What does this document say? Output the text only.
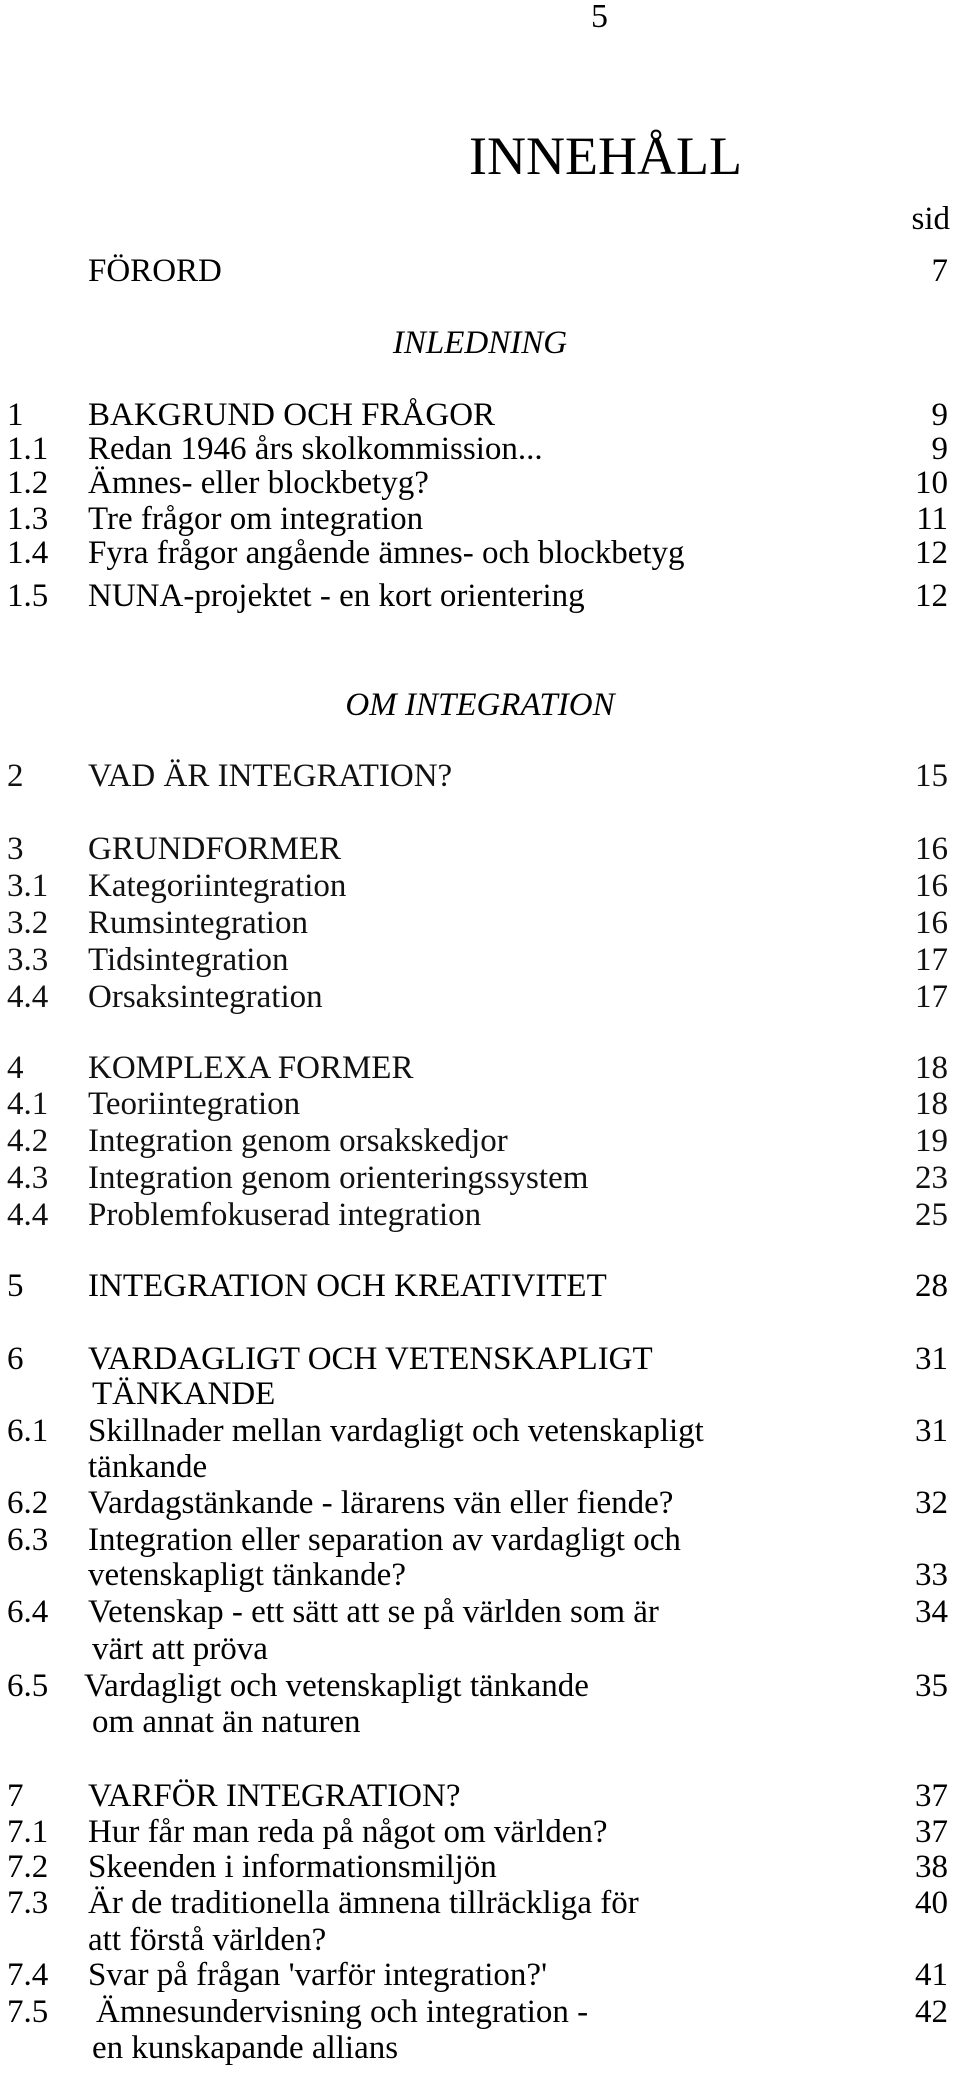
5
INNEHÅLL
sid
FÖRORD	7
INLEDNING
1 BAKGRUND OCH FRÅGOR	9
1.1 Redan 1946 års skolkommission...	9
1.2 Ämnes- eller blockbetyg?	10
1.3 Tre frågor om integration	11
1.4 Fyra frågor angående ämnes- och blockbetyg	12
1.5 NUNA-projektet - en kort orientering	12
OM INTEGRATION
2 VAD ÄR INTEGRATION?	15
3 GRUNDFORMER	16
3.1 Kategoriintegration	16
3.2 Rumsintegration	16
3.3 Tidsintegration	17
4.4 Orsaksintegration	17
4 KOMPLEXA FORMER	18
4.1 Teoriintegration	18
4.2 Integration genom orsakskedjor	19
4.3 Integration genom orienteringssystem	23
4.4 Problemfokuserad integration	25
5 INTEGRATION OCH KREATIVITET	28
6 VARDAGLIGT OCH VETENSKAPLIGT	31
TÄNKANDE
6.1 Skillnader mellan vardagligt och vetenskapligt	31
tänkande
6.2 Vardagstänkande - lärarens vän eller fiende?	32
6.3 Integration eller separation av vardagligt och
vetenskapligt tänkande?	33
6.4 Vetenskap - ett sätt att se på världen som är	34
värt att pröva
6.5 Vardagligt och vetenskapligt tänkande	35
om annat än naturen
7 VARFÖR INTEGRATION?	37
7.1 Hur får man reda på något om världen?	37
7.2 Skeenden i informationsmiljön	38
7.3 Är de traditionella ämnena tillräckliga för	40
att förstå världen?
7.4 Svar på frågan 'varför integration?'	41
7.5 Ämnesundervisning och integration -	42
en kunskapande allians
